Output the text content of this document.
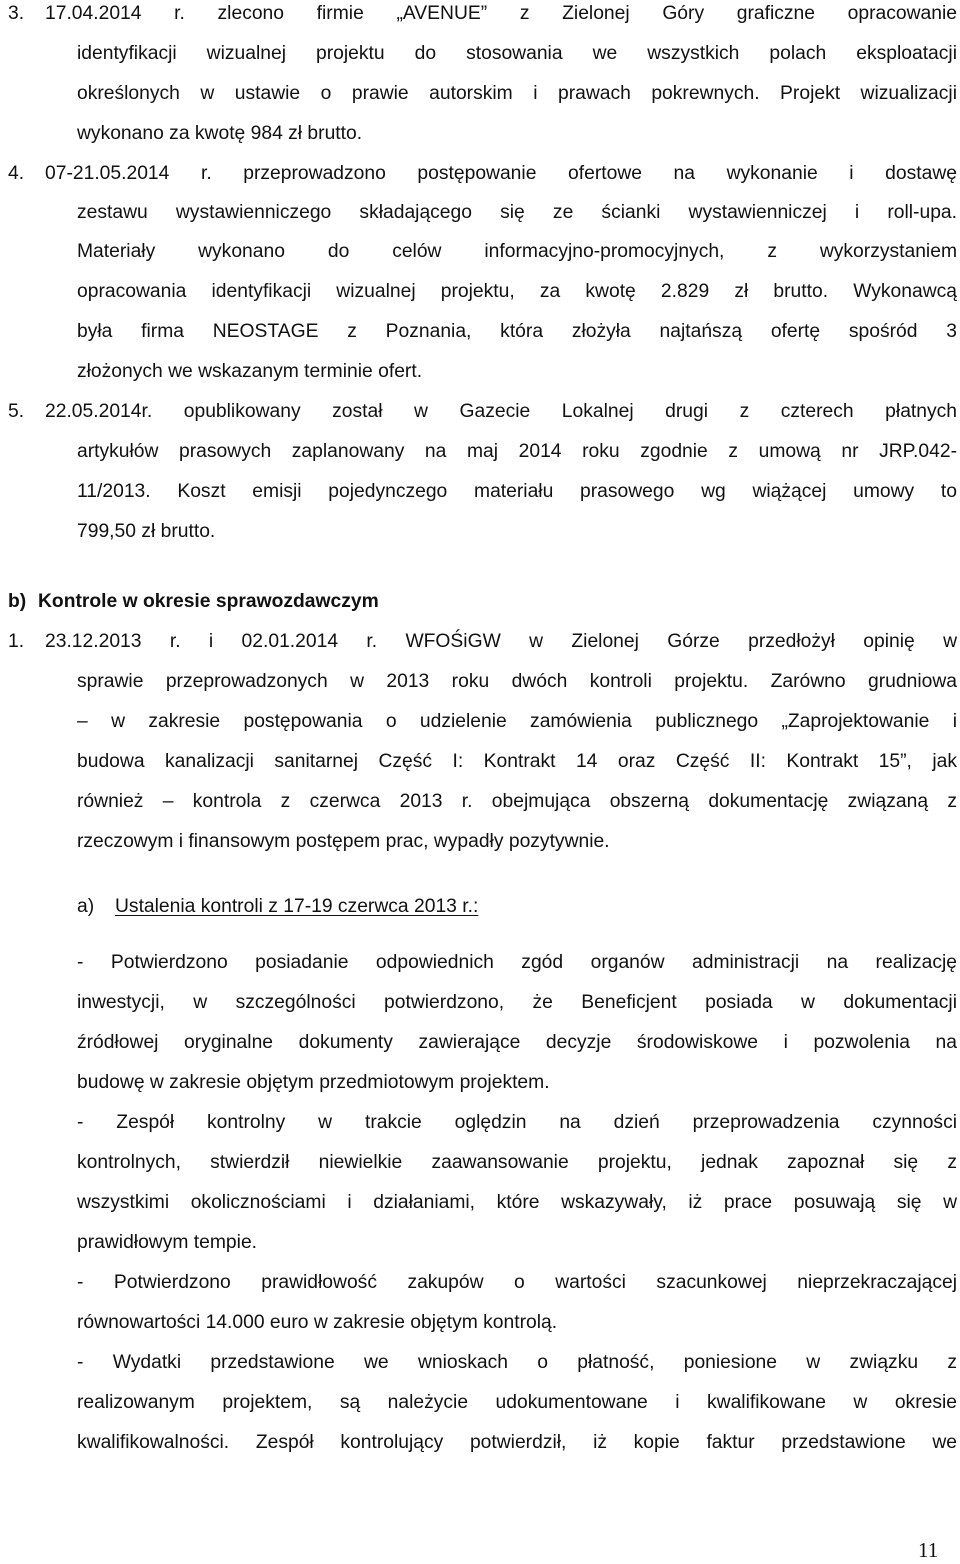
3.	17.04.2014 r. zlecono firmie „AVENUE” z Zielonej Góry graficzne opracowanie
identyfikacji wizualnej projektu do stosowania we wszystkich polach eksploatacji
określonych w ustawie o prawie autorskim i prawach pokrewnych. Projekt wizualizacji
wykonano za kwotę 984 zł brutto.
4.	07-21.05.2014 r. przeprowadzono postępowanie ofertowe na wykonanie i dostawę
zestawu wystawienniczego składającego się ze ścianki wystawienniczej i roll-upa.
Materiały wykonano do celów informacyjno-promocyjnych, z wykorzystaniem
opracowania identyfikacji wizualnej projektu, za kwotę 2.829 zł brutto. Wykonawcą
była firma NEOSTAGE z Poznania, która złożyła najtańszą ofertę spośród 3
złożonych we wskazanym terminie ofert.
5.	22.05.2014r. opublikowany został w Gazecie Lokalnej drugi z czterech płatnych
artykułów prasowych zaplanowany na maj 2014 roku zgodnie z umową nr JRP.042-
11/2013. Koszt emisji pojedynczego materiału prasowego wg wiążącej umowy to
799,50 zł brutto.
b) Kontrole w okresie sprawozdawczym
1.	23.12.2013 r. i 02.01.2014 r. WFOŚiGW w Zielonej Górze przedłożył opinię w
sprawie przeprowadzonych w 2013 roku dwóch kontroli projektu. Zarówno grudniowa
– w zakresie postępowania o udzielenie zamówienia publicznego „Zaprojektowanie i
budowa kanalizacji sanitarnej Część I: Kontrakt 14 oraz Część II: Kontrakt 15”, jak
również – kontrola z czerwca 2013 r. obejmująca obszerną dokumentację związaną z
rzeczowym i finansowym postępem prac, wypadły pozytywnie.
a) Ustalenia kontroli z 17-19 czerwca 2013 r.:
- Potwierdzono posiadanie odpowiednich zgód organów administracji na realizację
inwestycji, w szczególności potwierdzono, że Beneficjent posiada w dokumentacji
źródłowej oryginalne dokumenty zawierające decyzje środowiskowe i pozwolenia na
budowę w zakresie objętym przedmiotowym projektem.
- Zespół kontrolny w trakcie oględzin na dzień przeprowadzenia czynności
kontrolnych, stwierdził niewielkie zaawansowanie projektu, jednak zapoznał się z
wszystkimi okolicznościami i działaniami, które wskazywały, iż prace posuwają się w
prawidłowym tempie.
- Potwierdzono prawidłowość zakupów o wartości szacunkowej nieprzekraczającej
równowartości 14.000 euro w zakresie objętym kontrolą.
- Wydatki przedstawione we wnioskach o płatność, poniesione w związku z
realizowanym projektem, są należycie udokumentowane i kwalifikowane w okresie
kwalifikowalności. Zespół kontrolujący potwierdził, iż kopie faktur przedstawione we
11
